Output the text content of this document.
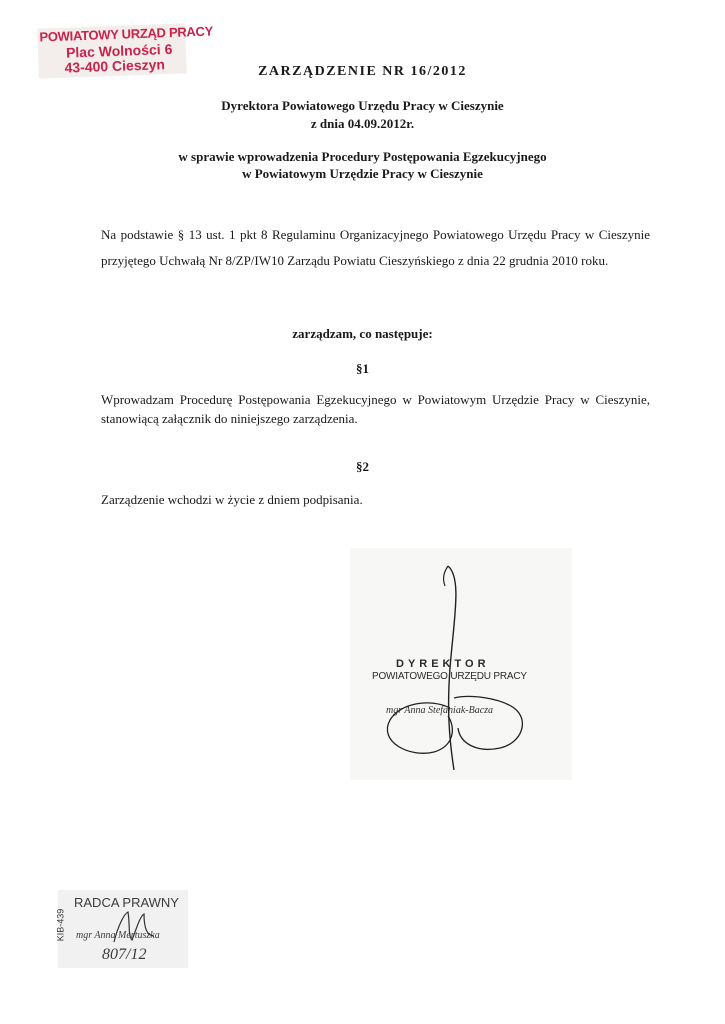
POWIATOWY URZĄD PRACY
Plac Wolności 6
43-400 Cieszyn	ZARZĄDZENIE NR 16/2012
Dyrektora Powiatowego Urzędu Pracy w Cieszynie
z dnia 04.09.2012r.
w sprawie wprowadzenia Procedury Postępowania Egzekucyjnego
w Powiatowym Urzędzie Pracy w Cieszynie
Na podstawie § 13 ust. 1 pkt 8 Regulaminu Organizacyjnego Powiatowego Urzędu Pracy w Cieszynie przyjętego Uchwałą Nr 8/ZP/IW10 Zarządu Powiatu Cieszyńskiego z dnia 22 grudnia 2010 roku.
zarządzam, co następuje:
§1
Wprowadzam Procedurę Postępowania Egzekucyjnego w Powiatowym Urzędzie Pracy w Cieszynie, stanowiącą załącznik do niniejszego zarządzenia.
§2
Zarządzenie wchodzi w życie z dniem podpisania.
DYREKTOR
POWIATOWEGO URZĘDU PRACY
mgr Anna Stefaniak-Bacza
KIB-439
RADCA PRAWNY
mgr Anna Mertuszka
807/12
